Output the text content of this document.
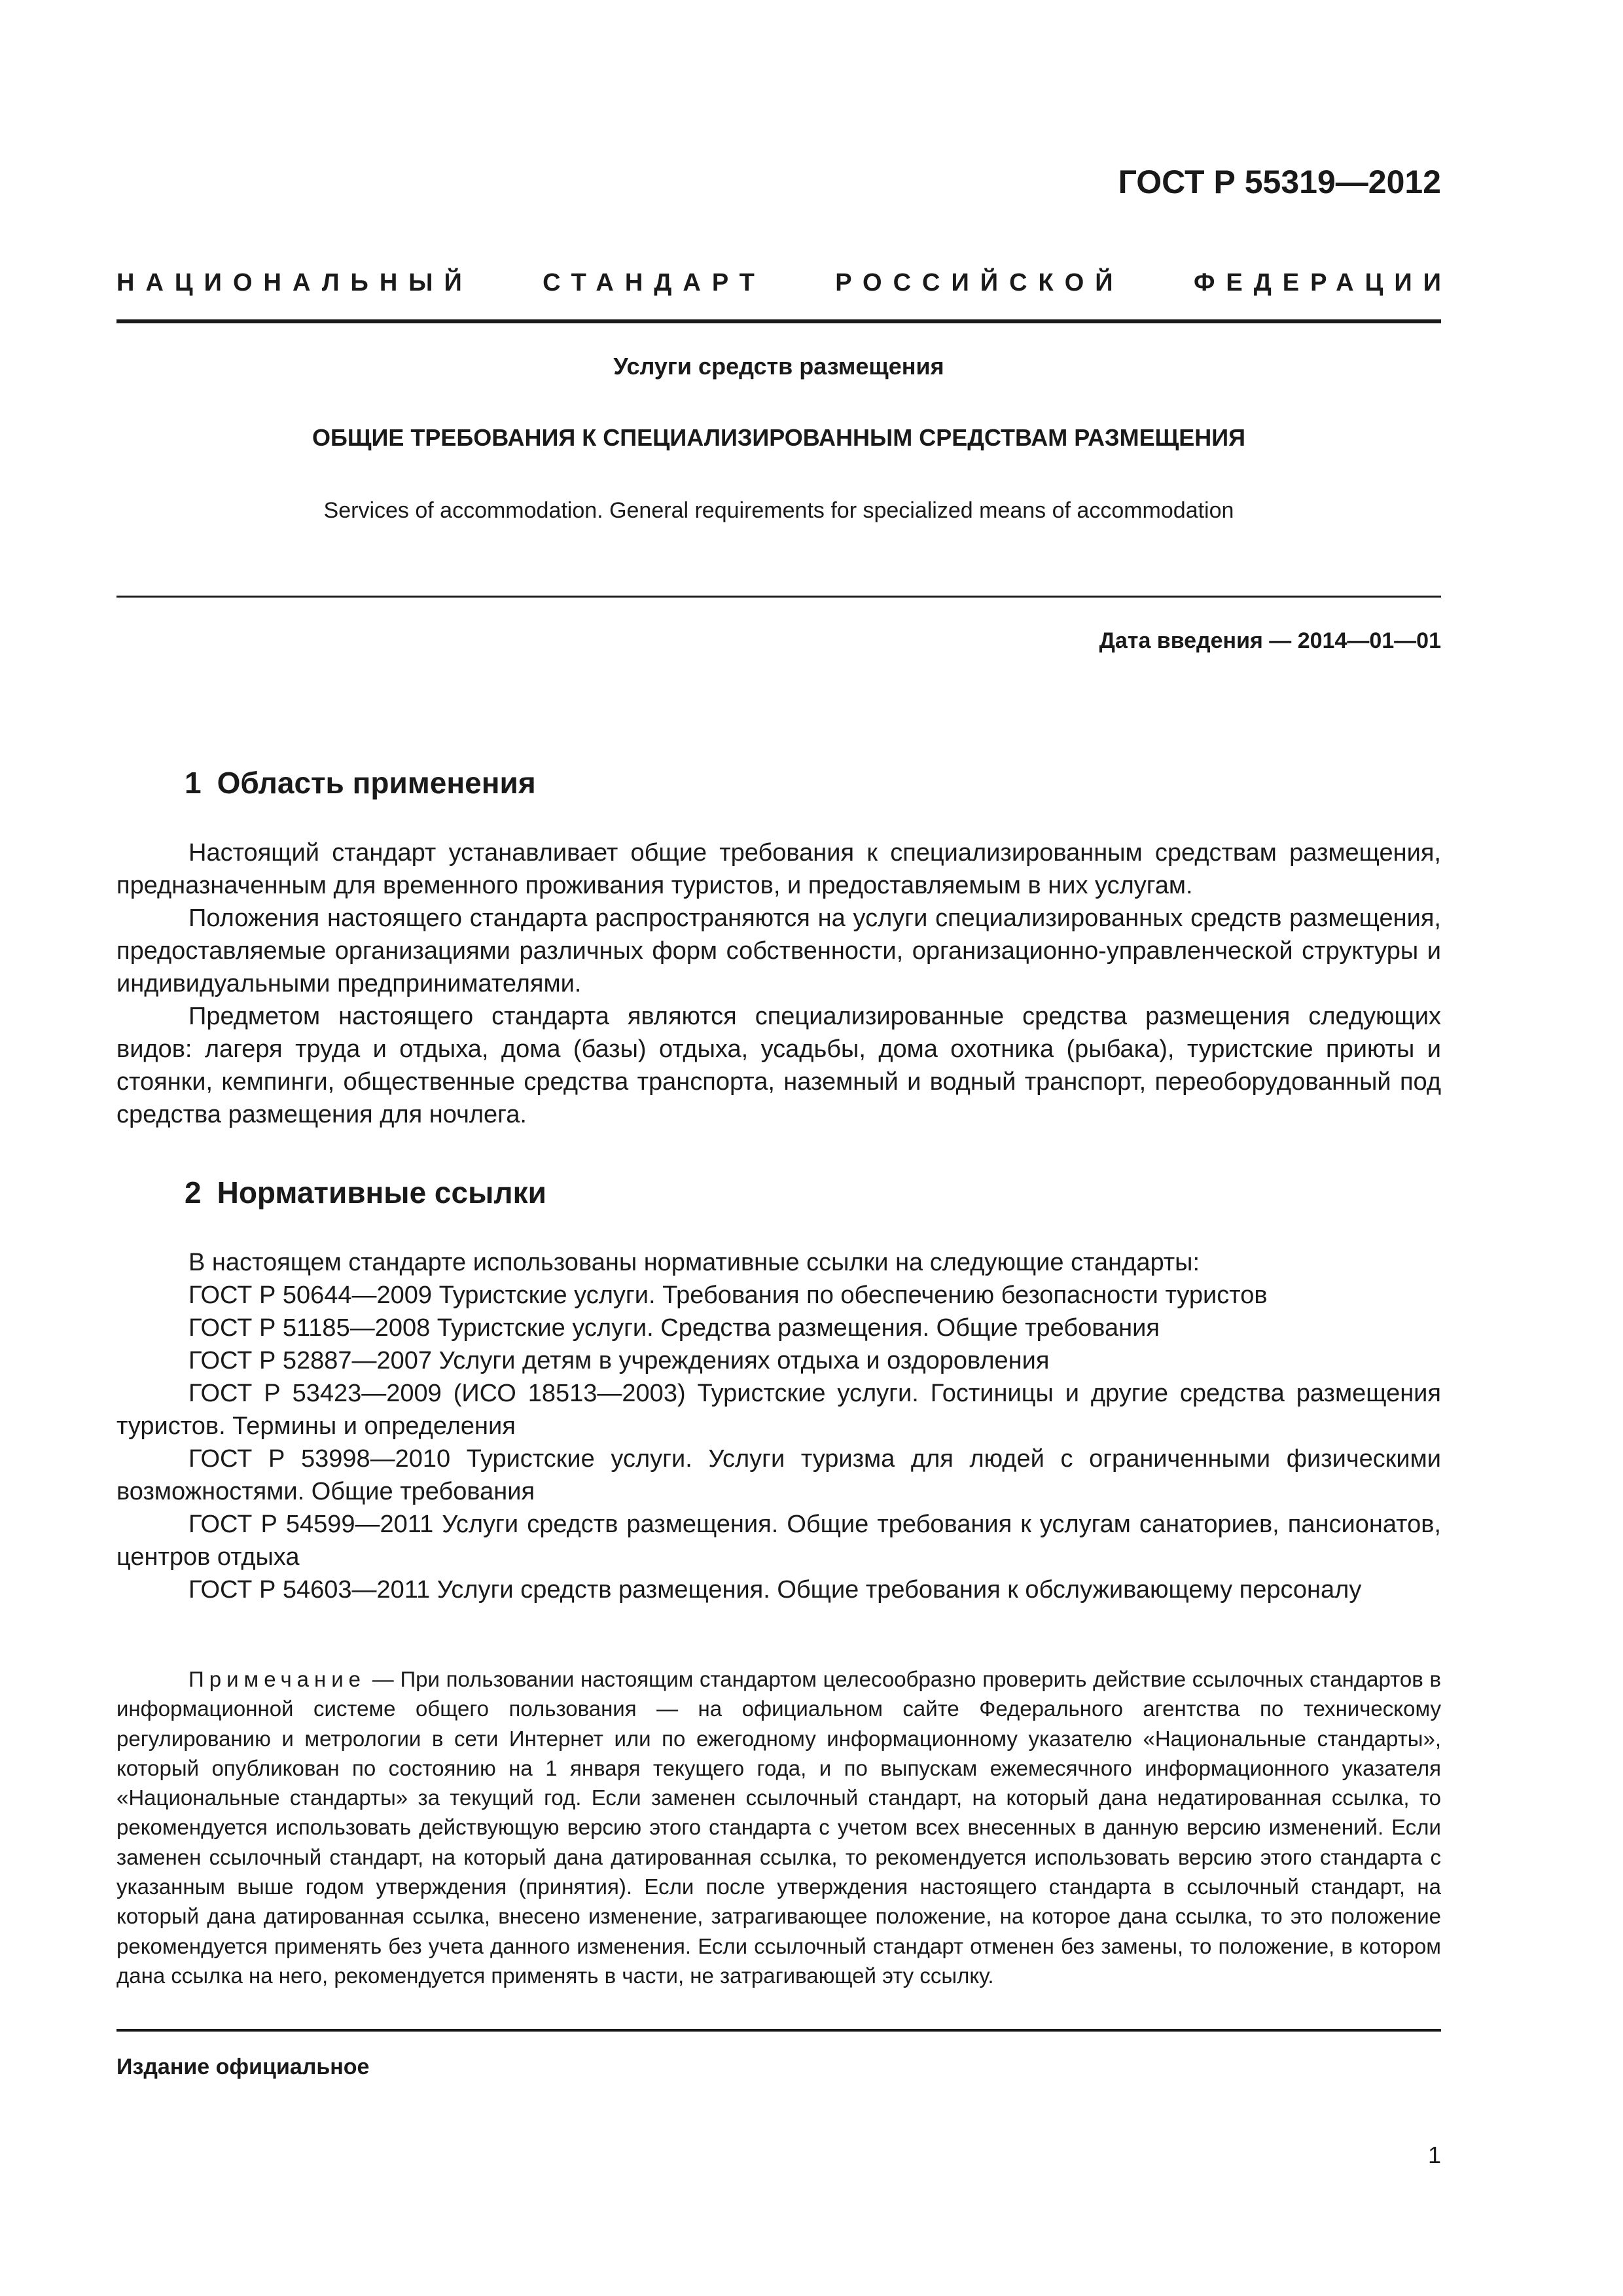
ГОСТ Р 55319—2012
НАЦИОНАЛЬНЫЙ	СТАНДАРТ	РОССИЙСКОЙ	ФЕДЕРАЦИИ
Услуги средств размещения
ОБЩИЕ ТРЕБОВАНИЯ К СПЕЦИАЛИЗИРОВАННЫМ СРЕДСТВАМ РАЗМЕЩЕНИЯ
Services of accommodation. General requirements for specialized means of accommodation
Дата введения — 2014—01—01
1 Область применения

Настоящий стандарт устанавливает общие требования к специализированным средствам размещения, предназначенным для временного проживания туристов, и предоставляемым в них услугам.

Положения настоящего стандарта распространяются на услуги специализированных средств размещения, предоставляемые организациями различных форм собственности, организационно-управленческой структуры и индивидуальными предпринимателями.

Предметом настоящего стандарта являются специализированные средства размещения следующих видов: лагеря труда и отдыха, дома (базы) отдыха, усадьбы, дома охотника (рыбака), туристские приюты и стоянки, кемпинги, общественные средства транспорта, наземный и водный транспорт, переоборудованный под средства размещения для ночлега.

2 Нормативные ссылки

В настоящем стандарте использованы нормативные ссылки на следующие стандарты:

ГОСТ Р 50644—2009 Туристские услуги. Требования по обеспечению безопасности туристов

ГОСТ Р 51185—2008 Туристские услуги. Средства размещения. Общие требования

ГОСТ Р 52887—2007 Услуги детям в учреждениях отдыха и оздоровления

ГОСТ Р 53423—2009 (ИСО 18513—2003) Туристские услуги. Гостиницы и другие средства размещения туристов. Термины и определения

ГОСТ Р 53998—2010 Туристские услуги. Услуги туризма для людей с ограниченными физическими возможностями. Общие требования

ГОСТ Р 54599—2011 Услуги средств размещения. Общие требования к услугам санаториев, пансионатов, центров отдыха

ГОСТ Р 54603—2011 Услуги средств размещения. Общие требования к обслуживающему персоналу

Примечание — При пользовании настоящим стандартом целесообразно проверить действие ссылочных стандартов в информационной системе общего пользования — на официальном сайте Федерального агентства по техническому регулированию и метрологии в сети Интернет или по ежегодному информационному указателю «Национальные стандарты», который опубликован по состоянию на 1 января текущего года, и по выпускам ежемесячного информационного указателя «Национальные стандарты» за текущий год. Если заменен ссылочный стандарт, на который дана недатированная ссылка, то рекомендуется использовать действующую версию этого стандарта с учетом всех внесенных в данную версию изменений. Если заменен ссылочный стандарт, на который дана датированная ссылка, то рекомендуется использовать версию этого стандарта с указанным выше годом утверждения (принятия). Если после утверждения настоящего стандарта в ссылочный стандарт, на который дана датированная ссылка, внесено изменение, затрагивающее положение, на которое дана ссылка, то это положение рекомендуется применять без учета данного изменения. Если ссылочный стандарт отменен без замены, то положение, в котором дана ссылка на него, рекомендуется применять в части, не затрагивающей эту ссылку.

Издание официальное
1
